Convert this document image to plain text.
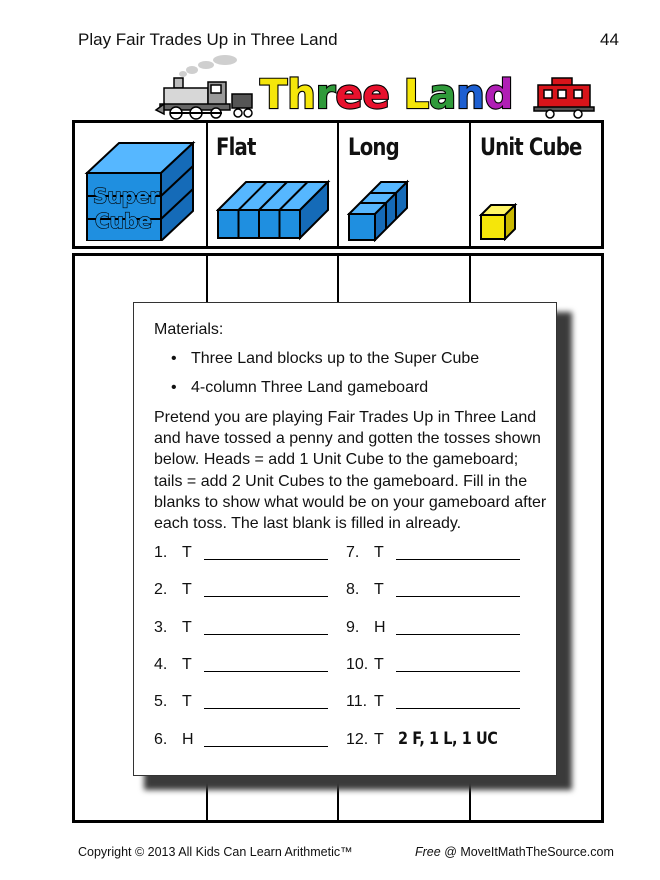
Play Fair Trades Up in Three Land	44
Three Land
Super
Cube
Flat	Long	Unit Cube
Materials:
• Three Land blocks up to the Super Cube
• 4-column Three Land gameboard
Pretend you are playing Fair Trades Up in Three Land and have tossed a penny and gotten the tosses shown below. Heads = add 1 Unit Cube to the gameboard; tails = add 2 Unit Cubes to the gameboard. Fill in the blanks to show what would be on your gameboard after each toss. The last blank is filled in already.
1. T
2. T
3. T
4. T
5. T
6. H
7. T
8. T
9. H
10. T
11. T
12. T 2 F, 1 L, 1 UC
Copyright © 2013 All Kids Can Learn Arithmetic™	Free @ MoveItMathTheSource.com
